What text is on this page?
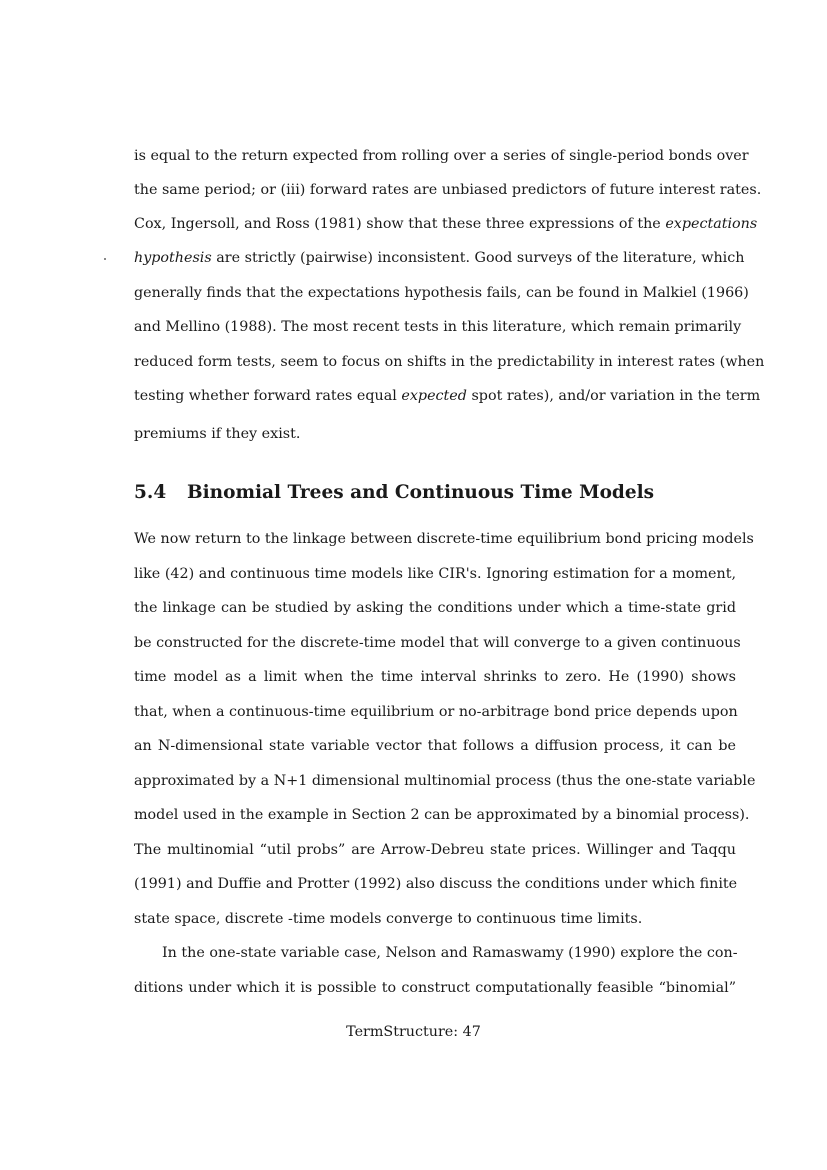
is equal to the return expected from rolling over a series of single-period bonds over
the same period; or (iii) forward rates are unbiased predictors of future interest rates.
Cox, Ingersoll, and Ross (1981) show that these three expressions of the expectations
hypothesis are strictly (pairwise) inconsistent. Good surveys of the literature, which
generally finds that the expectations hypothesis fails, can be found in Malkiel (1966)
and Mellino (1988). The most recent tests in this literature, which remain primarily
reduced form tests, seem to focus on shifts in the predictability in interest rates (when
testing whether forward rates equal expected spot rates), and/or variation in the term
premiums if they exist.
5.4 Binomial Trees and Continuous Time Models
We now return to the linkage between discrete-time equilibrium bond pricing models
like (42) and continuous time models like CIR's. Ignoring estimation for a moment,
the linkage can be studied by asking the conditions under which a time-state grid
be constructed for the discrete-time model that will converge to a given continuous
time model as a limit when the time interval shrinks to zero. He (1990) shows
that, when a continuous-time equilibrium or no-arbitrage bond price depends upon
an N-dimensional state variable vector that follows a diffusion process, it can be
approximated by a N+1 dimensional multinomial process (thus the one-state variable
model used in the example in Section 2 can be approximated by a binomial process).
The multinomial “util probs” are Arrow-Debreu state prices. Willinger and Taqqu
(1991) and Duffie and Protter (1992) also discuss the conditions under which finite
state space, discrete -time models converge to continuous time limits.
In the one-state variable case, Nelson and Ramaswamy (1990) explore the con-
ditions under which it is possible to construct computationally feasible “binomial”
TermStructure: 47
